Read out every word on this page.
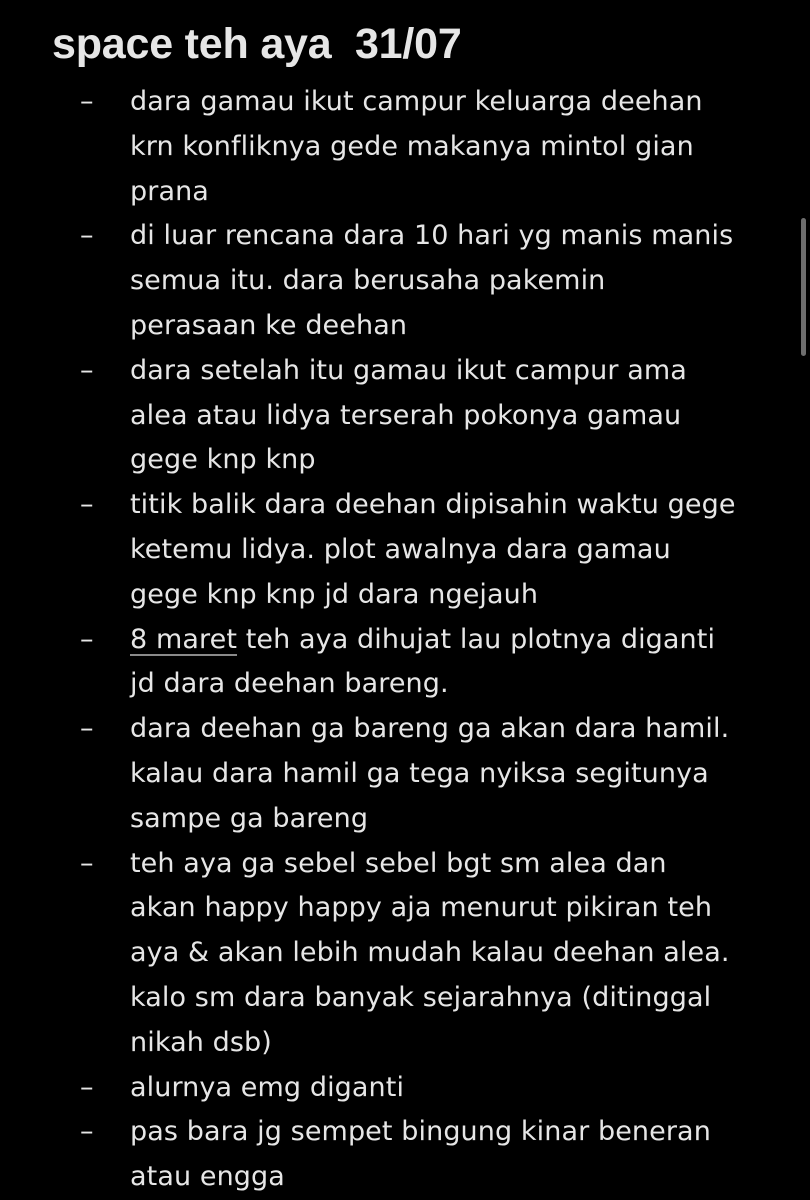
space teh aya  31/07
– dara gamau ikut campur keluarga deehan
krn konfliknya gede makanya mintol gian
prana
– di luar rencana dara 10 hari yg manis manis
semua itu. dara berusaha pakemin
perasaan ke deehan
– dara setelah itu gamau ikut campur ama
alea atau lidya terserah pokonya gamau
gege knp knp
– titik balik dara deehan dipisahin waktu gege
ketemu lidya. plot awalnya dara gamau
gege knp knp jd dara ngejauh
– 8 maret teh aya dihujat lau plotnya diganti
jd dara deehan bareng.
– dara deehan ga bareng ga akan dara hamil.
kalau dara hamil ga tega nyiksa segitunya
sampe ga bareng
– teh aya ga sebel sebel bgt sm alea dan
akan happy happy aja menurut pikiran teh
aya & akan lebih mudah kalau deehan alea.
kalo sm dara banyak sejarahnya (ditinggal
nikah dsb)
– alurnya emg diganti
– pas bara jg sempet bingung kinar beneran
atau engga
